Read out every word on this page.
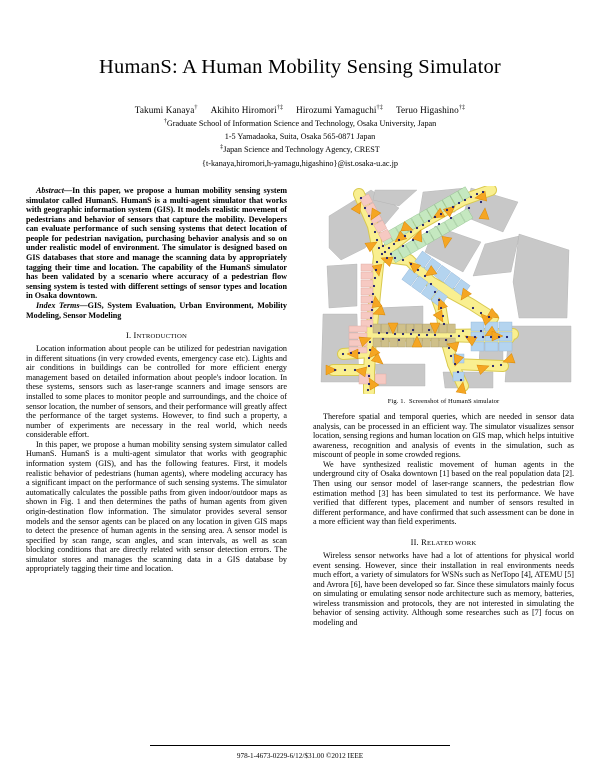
HumanS: A Human Mobility Sensing Simulator
Takumi Kanaya† Akihito Hiromori†‡ Hirozumi Yamaguchi†‡ Teruo Higashino†‡
†Graduate School of Information Science and Technology, Osaka University, Japan
1-5 Yamadaoka, Suita, Osaka 565-0871 Japan
‡Japan Science and Technology Agency, CREST
{t-kanaya,hiromori,h-yamagu,higashino}@ist.osaka-u.ac.jp

Abstract—In this paper, we propose a human mobility sensing system simulator called HumanS. HumanS is a multi-agent simulator that works with geographic information system (GIS). It models realistic movement of pedestrians and behavior of sensors that capture the mobility. Developers can evaluate performance of such sensing systems that detect location of people for pedestrian navigation, purchasing behavior analysis and so on under realistic model of environment. The simulator is designed based on GIS databases that store and manage the scanning data by appropriately tagging their time and location. The capability of the HumanS simulator has been validated by a scenario where accuracy of a pedestrian flow sensing system is tested with different settings of sensor types and location in Osaka downtown.

Index Terms—GIS, System Evaluation, Urban Environment, Mobility Modeling, Sensor Modeling

I. INTRODUCTION

Location information about people can be utilized for pedestrian navigation in different situations (in very crowded events, emergency case etc). Lights and air conditions in buildings can be controlled for more efficient energy management based on detailed information about people's indoor location. In these systems, sensors such as laser-range scanners and image sensors are installed to some places to monitor people and surroundings, and the choice of sensor location, the number of sensors, and their performance will greatly affect the performance of the target systems. However, to find such a property, a number of experiments are necessary in the real world, which needs considerable effort.

In this paper, we propose a human mobility sensing system simulator called HumanS. HumanS is a multi-agent simulator that works with geographic information system (GIS), and has the following features. First, it models realistic behavior of pedestrians (human agents), where modeling accuracy has a significant impact on the performance of such sensing systems. The simulator automatically calculates the possible paths from given indoor/outdoor maps as shown in Fig. 1 and then determines the paths of human agents from given origin-destination flow information. The simulator provides several sensor models and the sensor agents can be placed on any location in given GIS maps to detect the presence of human agents in the sensing area. A sensor model is specified by scan range, scan angles, and scan intervals, as well as scan blocking conditions that are directly related with sensor detection errors. The simulator stores and manages the scanning data in a GIS database by appropriately tagging their time and location.

Fig. 1. Screenshot of HumanS simulator

Therefore spatial and temporal queries, which are needed in sensor data analysis, can be processed in an efficient way. The simulator visualizes sensor location, sensing regions and human location on GIS map, which helps intuitive awareness, recognition and analysis of events in the simulation, such as miscount of people in some crowded regions.

We have synthesized realistic movement of human agents in the underground city of Osaka downtown [1] based on the real population data [2]. Then using our sensor model of laser-range scanners, the pedestrian flow estimation method [3] has been simulated to test its performance. We have verified that different types, placement and number of sensors resulted in different performance, and have confirmed that such assessment can be done in a more efficient way than field experiments.

II. RELATED WORK

Wireless sensor networks have had a lot of attentions for physical world event sensing. However, since their installation in real environments needs much effort, a variety of simulators for WSNs such as NetTopo [4], ATEMU [5] and Avrora [6], have been developed so far. Since these simulators mainly focus on simulating or emulating sensor node architecture such as memory, batteries, wireless transmission and protocols, they are not interested in simulating the behavior of sensing activity. Although some researches such as [7] focus on modeling and

978-1-4673-0229-6/12/$31.00 ©2012 IEEE
